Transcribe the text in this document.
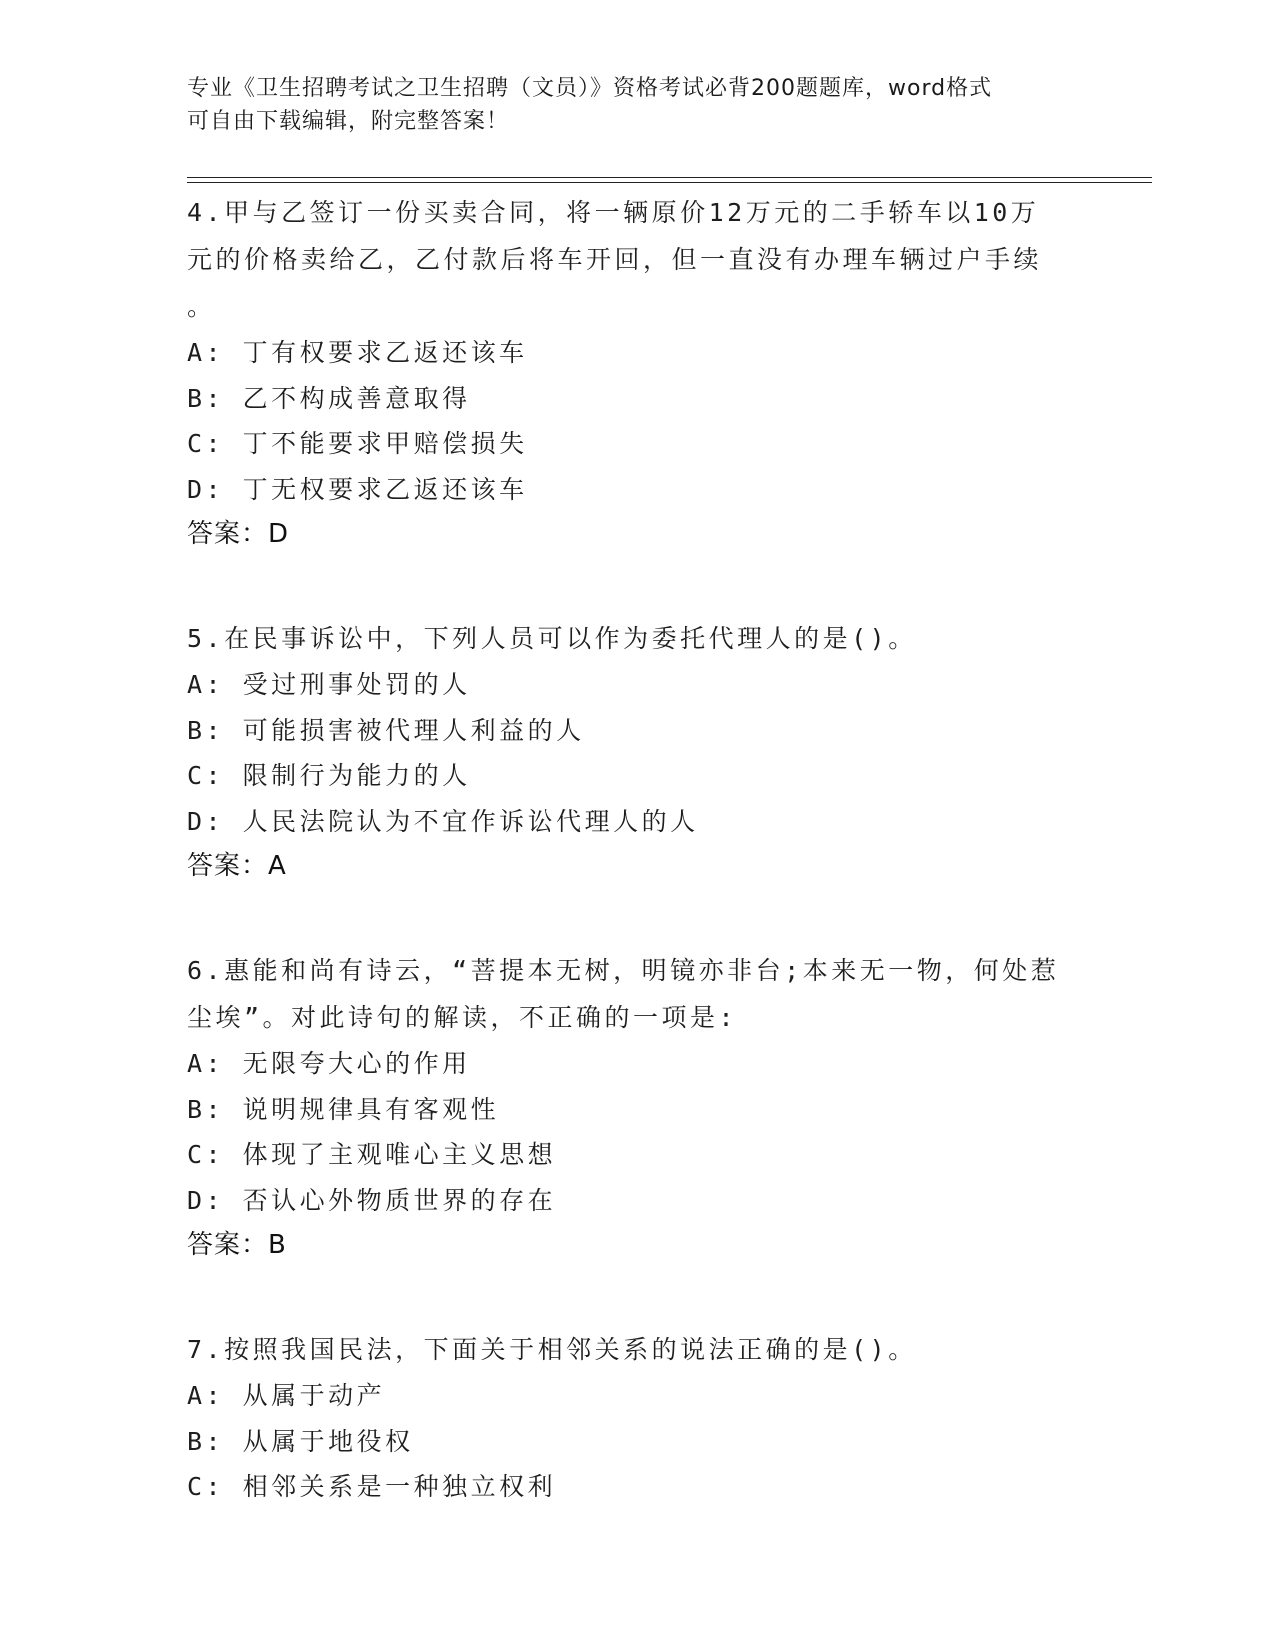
专业《卫生招聘考试之卫生招聘（文员）》资格考试必背200题题库，word格式
可自由下载编辑，附完整答案！
4.甲与乙签订一份买卖合同，将一辆原价12万元的二手轿车以10万
元的价格卖给乙，乙付款后将车开回，但一直没有办理车辆过户手续
。
A: 丁有权要求乙返还该车
B: 乙不构成善意取得
C: 丁不能要求甲赔偿损失
D: 丁无权要求乙返还该车
答案：D
5.在民事诉讼中，下列人员可以作为委托代理人的是()。
A: 受过刑事处罚的人
B: 可能损害被代理人利益的人
C: 限制行为能力的人
D: 人民法院认为不宜作诉讼代理人的人
答案：A
6.惠能和尚有诗云，“菩提本无树，明镜亦非台;本来无一物，何处惹
尘埃”。对此诗句的解读，不正确的一项是:
A: 无限夸大心的作用
B: 说明规律具有客观性
C: 体现了主观唯心主义思想
D: 否认心外物质世界的存在
答案：B
7.按照我国民法，下面关于相邻关系的说法正确的是()。
A: 从属于动产
B: 从属于地役权
C: 相邻关系是一种独立权利
